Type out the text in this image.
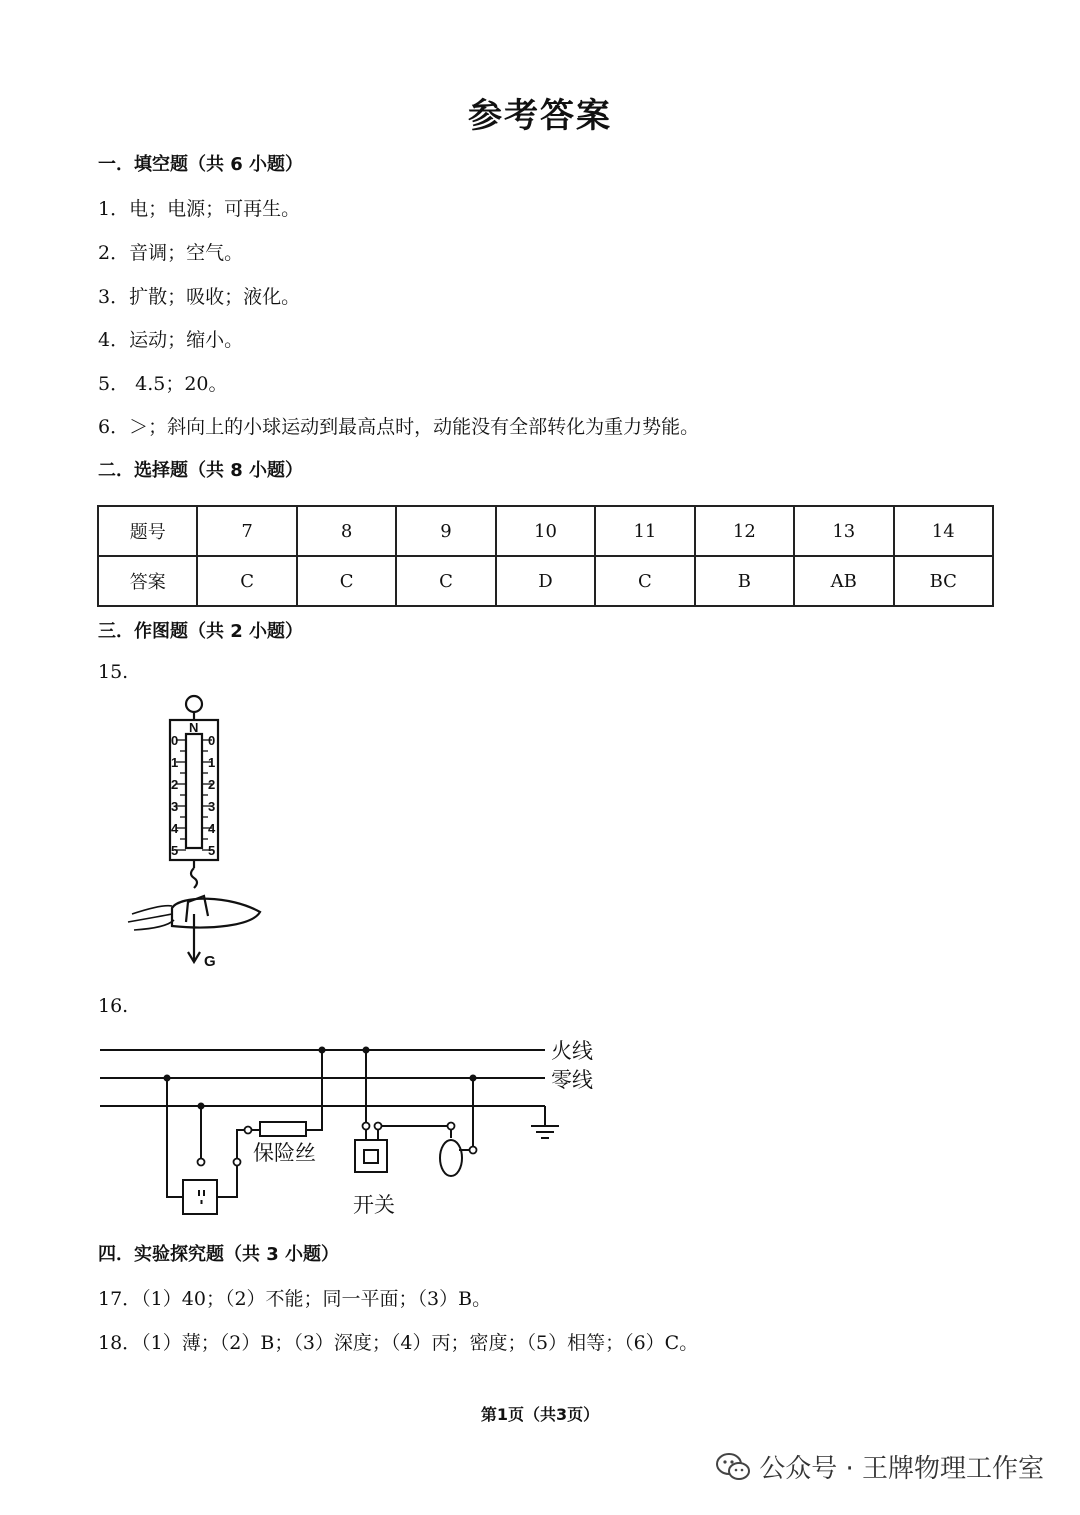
参考答案
一．填空题（共 6 小题）
1．电；电源；可再生。
2．音调；空气。
3．扩散；吸收；液化。
4．运动；缩小。
5． 4.5；20。
6．＞；斜向上的小球运动到最高点时，动能没有全部转化为重力势能。
二．选择题（共 8 小题）
题号	7	8	9	10	11	12	13	14
答案	C	C	C	D	C	B	AB	BC
三．作图题（共 2 小题）
15.
N
0
1
2
3
4
5
0
1
2
3
4
5
G
16.
火线
零线
保险丝
开关
四．实验探究题（共 3 小题）
17．（1）40；（2）不能；同一平面；（3）B。
18．（1）薄；（2）B；（3）深度；（4）丙；密度；（5）相等；（6）C。
第1页（共3页）
公众号 · 王牌物理工作室
